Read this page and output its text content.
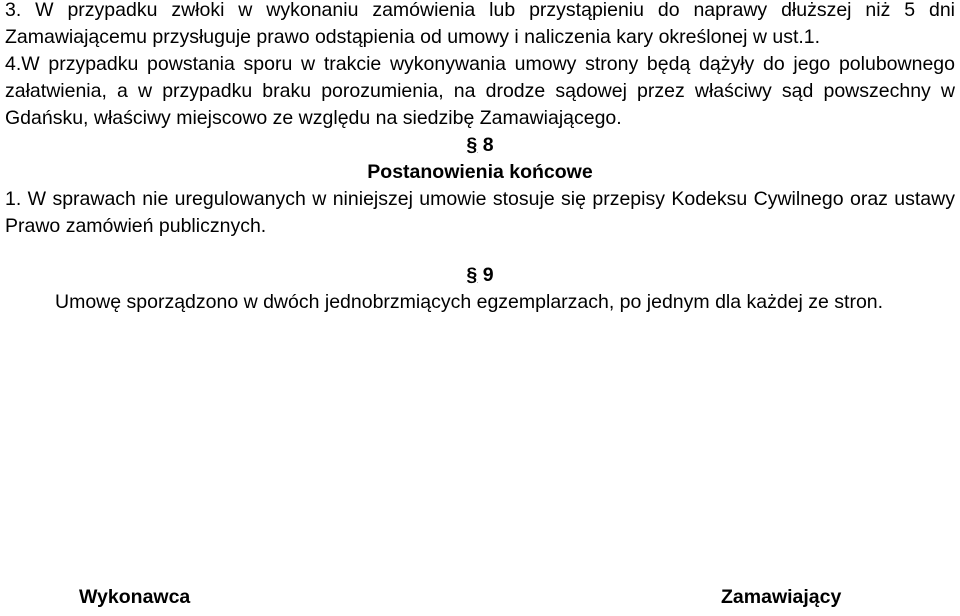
3. W przypadku zwłoki w wykonaniu zamówienia lub przystąpieniu do naprawy dłuższej niż 5 dni Zamawiającemu przysługuje prawo odstąpienia od umowy i naliczenia kary określonej w ust.1.

4.W przypadku powstania sporu w trakcie wykonywania umowy strony będą dążyły do jego polubownego załatwienia, a w przypadku braku porozumienia, na drodze sądowej przez właściwy sąd powszechny w Gdańsku, właściwy miejscowo ze względu na siedzibę Zamawiającego.

§ 8

Postanowienia końcowe

1. W sprawach nie uregulowanych w niniejszej umowie stosuje się przepisy Kodeksu Cywilnego oraz ustawy Prawo zamówień publicznych.

§ 9

Umowę sporządzono w dwóch jednobrzmiących egzemplarzach, po jednym dla każdej ze stron.

Wykonawca	Zamawiający
